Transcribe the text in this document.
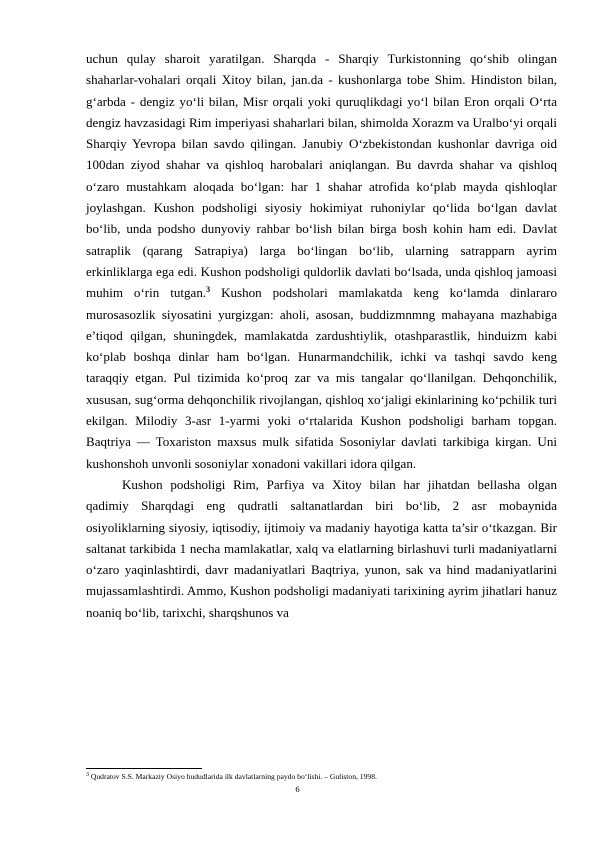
uchun qulay sharoit yaratilgan. Sharqda - Sharqiy Turkistonning qo‘shib olingan shaharlar-vohalari orqali Xitoy bilan, jan.da - kushonlarga tobe Shim. Hindiston bilan, g‘arbda - dengiz yo‘li bilan, Misr orqali yoki quruqlikdagi yo‘l bilan Eron orqali O‘rta dengiz havzasidagi Rim imperiyasi shaharlari bilan, shimolda Xorazm va Uralbo‘yi orqali Sharqiy Yevropa bilan savdo qilingan. Janubiy O‘zbekistondan kushonlar davriga oid 100dan ziyod shahar va qishloq harobalari aniqlangan. Bu davrda shahar va qishloq o‘zaro mustahkam aloqada bo‘lgan: har 1 shahar atrofida ko‘plab mayda qishloqlar joylashgan. Kushon podsholigi siyosiy hokimiyat ruhoniylar qo‘lida bo‘lgan davlat bo‘lib, unda podsho dunyoviy rahbar bo‘lish bilan birga bosh kohin ham edi. Davlat satraplik (qarang Satrapiya) larga bo‘lingan bo‘lib, ularning satrapparn ayrim erkinliklarga ega edi. Kushon podsholigi quldorlik davlati bo‘lsada, unda qishloq jamoasi muhim o‘rin tutgan.$^3$ Kushon podsholari mamlakatda keng ko‘lamda dinlararo murosasozlik siyosatini yurgizgan: aholi, asosan, buddizmnmng mahayana mazhabiga e’tiqod qilgan, shuningdek, mamlakatda zardushtiylik, otashparastlik, hinduizm kabi ko‘plab boshqa dinlar ham bo‘lgan. Hunarmandchilik, ichki va tashqi savdo keng taraqqiy etgan. Pul tizimida ko‘proq zar va mis tangalar qo‘llanilgan. Dehqonchilik, xususan, sug‘orma dehqonchilik rivojlangan, qishloq xo‘jaligi ekinlarining ko‘pchilik turi ekilgan. Milodiy 3-asr 1-yarmi yoki o‘rtalarida Kushon podsholigi barham topgan. Baqtriya — Toxariston maxsus mulk sifatida Sosoniylar davlati tarkibiga kirgan. Uni kushonshoh unvonli sosoniylar xonadoni vakillari idora qilgan.

Kushon podsholigi Rim, Parfiya va Xitoy bilan har jihatdan bellasha olgan qadimiy Sharqdagi eng qudratli saltanatlardan biri bo‘lib, 2 asr mobaynida osiyoliklarning siyosiy, iqtisodiy, ijtimoiy va madaniy hayotiga katta ta’sir o‘tkazgan. Bir saltanat tarkibida 1 necha mamlakatlar, xalq va elatlarning birlashuvi turli madaniyatlarni o‘zaro yaqinlashtirdi, davr madaniyatlari Baqtriya, yunon, sak va hind madaniyatlarini mujassamlashtirdi. Ammo, Kushon podsholigi madaniyati tarixining ayrim jihatlari hanuz noaniq bo‘lib, tarixchi, sharqshunos va

$^3$ Qudratov S.S. Markaziy Osiyo hududlarida ilk davlatlarning paydo bo‘lishi. – Guliston, 1998.
6
